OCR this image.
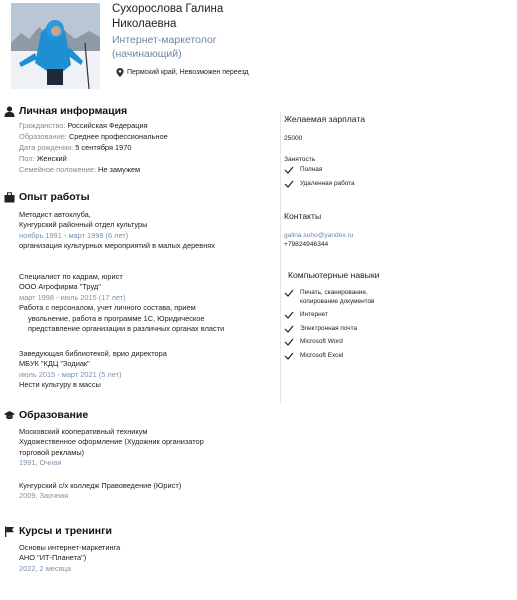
Сухорослова Галина
Николаевна
Интернет-маркетолог
(начинающий)
Пермский край, Невозможен переезд
Личная информация
Гражданство: Российская Федерация
Образование: Среднее профессиональное
Дата рождения: 5 сентября 1970
Пол: Женский
Семейное положение: Не замужем
Опыт работы
Методист автоклуба,
Кунгурский районный отдел культуры
ноябрь 1991 - март 1998 (6 лет)
организация культурных мероприятий в малых деревнях
Специалист по кадрам, юрист
ООО Агрофирма "Труд"
март 1998 - июль 2015 (17 лет)
Работа с персоналом, учет личного состава, прием
увольнение, работа в программе 1С, Юридическое
представление организации в различных органах власти
Заведующая библиотекой, врио директора
МБУК "КДЦ "Зодиак"
июль 2015 - март 2021 (5 лет)
Нести культуру в массы
Образование
Московский кооперативный техникум
Художественное оформление (Художник организатор
торговой рекламы)
1991, Очная
Кунгурский с/х колледж Правоведение (Юрист)
2009, Заочная
Курсы и тренинги
Основы интернет-маркетинга
АНО "ИТ-Планета")
2022, 2 месяца
Желаемая зарплата
25000
Занятость
Полная
Удаленная работа
Контакты
galina.suho@yandex.ru
+79824946344
Компьютерные навыки
Печать, сканирование,
копирование документов
Интернет
Электронная почта
Microsoft Word
Microsoft Excel
